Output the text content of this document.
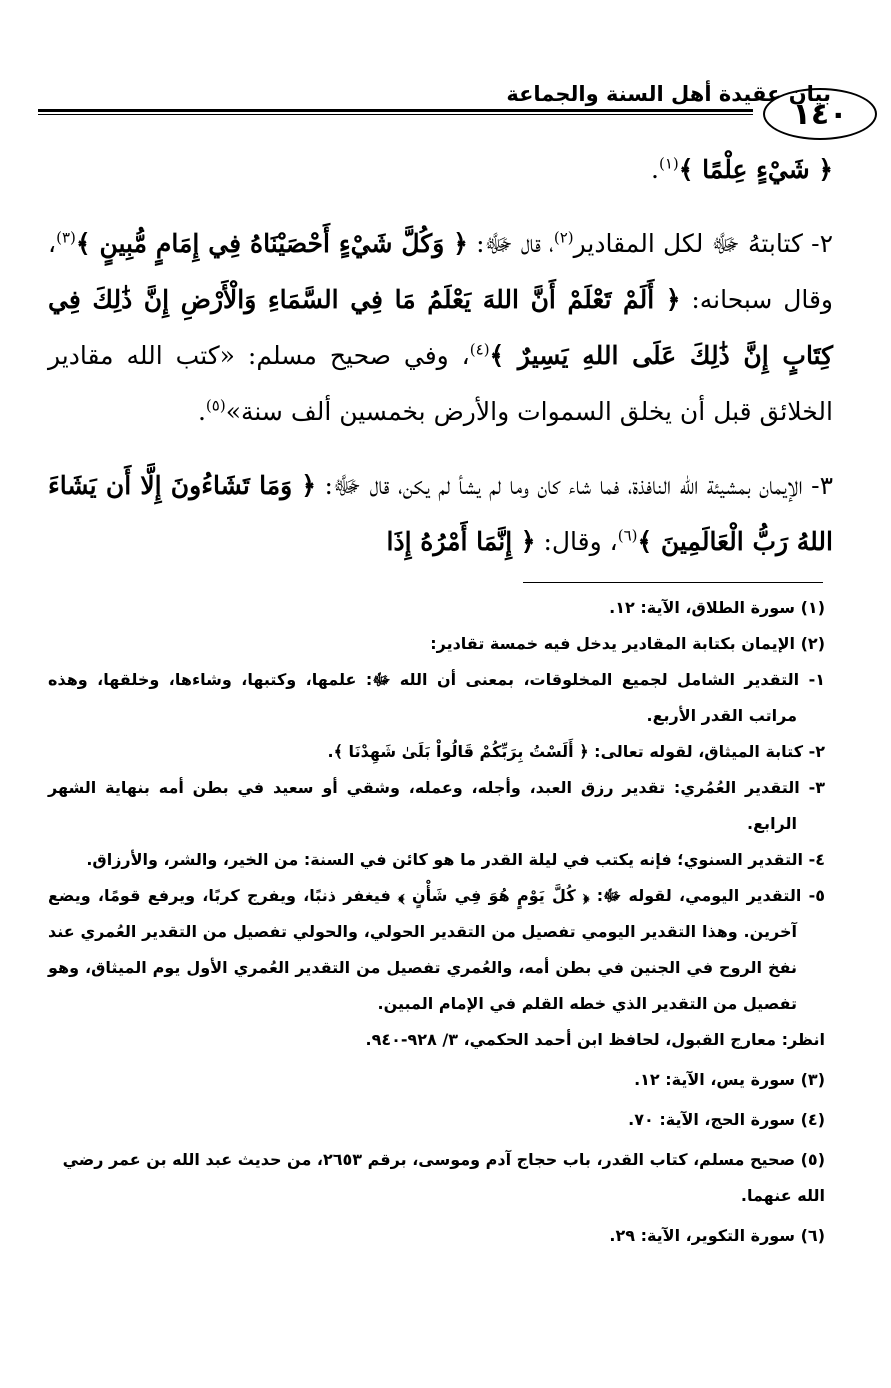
١٤٠
بيان عقيدة أهل السنة والجماعة

﴿ شَيْءٍ عِلْمًا ﴾$^{(١)}$.

٢- كتابتهُ ﷻ لكل المقادير$^{(٢)}$، قال ﷻ: ﴿ وَكُلَّ شَيْءٍ أَحْصَيْنَاهُ فِي إِمَامٍ مُّبِينٍ ﴾$^{(٣)}$، وقال سبحانه: ﴿ أَلَمْ تَعْلَمْ أَنَّ اللهَ يَعْلَمُ مَا فِي السَّمَاءِ وَالْأَرْضِ إِنَّ ذَٰلِكَ فِي كِتَابٍ إِنَّ ذَٰلِكَ عَلَى اللهِ يَسِيرٌ ﴾$^{(٤)}$، وفي صحيح مسلم: «كتب الله مقادير الخلائق قبل أن يخلق السموات والأرض بخمسين ألف سنة»$^{(٥)}$.

٣- الإيمان بمشيئة الله النافذة، فما شاء كان وما لم يشأ لم يكن، قال ﷻ: ﴿ وَمَا تَشَاءُونَ إِلَّا أَن يَشَاءَ اللهُ رَبُّ الْعَالَمِينَ ﴾$^{(٦)}$، وقال: ﴿ إِنَّمَا أَمْرُهُ إِذَا

(١) سورة الطلاق، الآية: ١٢.

(٢) الإيمان بكتابة المقادير يدخل فيه خمسة تقادير:

١- التقدير الشامل لجميع المخلوقات، بمعنى أن الله ﷻ: علمها، وكتبها، وشاءها، وخلقها، وهذه مراتب القدر الأربع.

٢- كتابة الميثاق، لقوله تعالى: ﴿ أَلَسْتُ بِرَبِّكُمْ قَالُواْ بَلَىٰ شَهِدْنَا ﴾.

٣- التقدير العُمُري: تقدير رزق العبد، وأجله، وعمله، وشقي أو سعيد في بطن أمه بنهاية الشهر الرابع.

٤- التقدير السنوي؛ فإنه يكتب في ليلة القدر ما هو كائن في السنة: من الخير، والشر، والأرزاق.

٥- التقدير اليومي، لقوله ﷻ: ﴿ كُلَّ يَوْمٍ هُوَ فِي شَأْنٍ ﴾ فيغفر ذنبًا، ويفرج كربًا، ويرفع قومًا، ويضع آخرين. وهذا التقدير اليومي تفصيل من التقدير الحولي، والحولي تفصيل من التقدير العُمري عند نفخ الروح في الجنين في بطن أمه، والعُمري تفصيل من التقدير العُمري الأول يوم الميثاق، وهو تفصيل من التقدير الذي خطه القلم في الإمام المبين.

انظر: معارج القبول، لحافظ ابن أحمد الحكمي، ٣/ ٩٢٨-٩٤٠.

(٣) سورة يس، الآية: ١٢.

(٤) سورة الحج، الآية: ٧٠.

(٥) صحيح مسلم، كتاب القدر، باب حجاج آدم وموسى، برقم ٢٦٥٣، من حديث عبد الله بن عمر رضي الله عنهما.

(٦) سورة التكوير، الآية: ٢٩.
